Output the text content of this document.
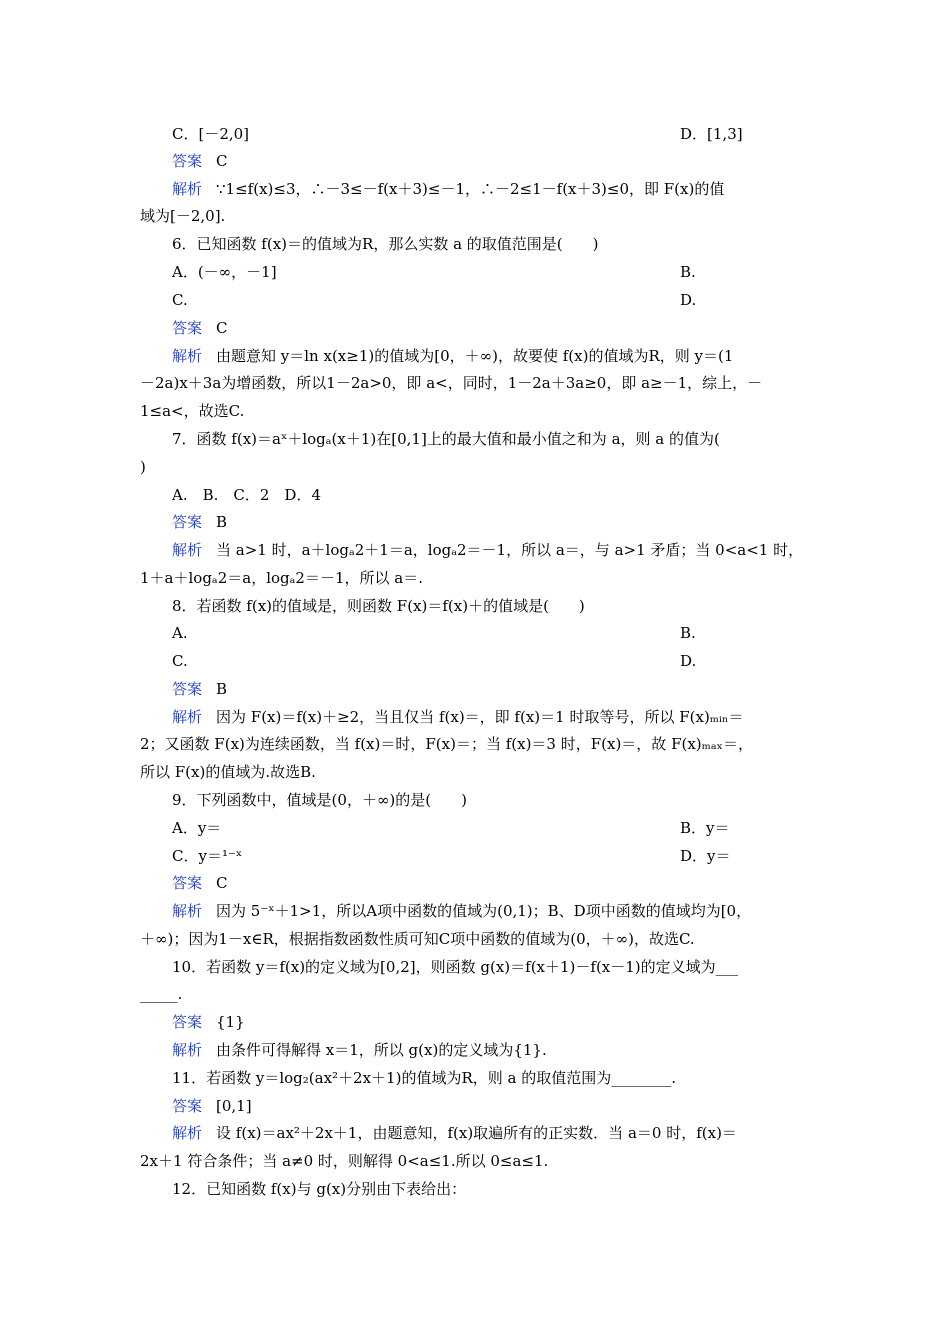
C．[－2,0]	D．[1,3]
答案 C
解析 ∵1≤f(x)≤3，∴－3≤－f(x＋3)≤－1，∴－2≤1－f(x＋3)≤0，即 F(x)的值
域为[－2,0].
6．已知函数 f(x)＝的值域为R，那么实数 a 的取值范围是(　　)
A．(－∞，－1]	B.
C.	D.
答案 C
解析 由题意知 y＝ln x(x≥1)的值域为[0，＋∞)，故要使 f(x)的值域为R，则 y＝(1
－2a)x＋3a为增函数，所以1－2a>0，即 a<，同时，1－2a＋3a≥0，即 a≥－1，综上，－
1≤a<，故选C.
7．函数 f(x)＝aˣ＋logₐ(x＋1)在[0,1]上的最大值和最小值之和为 a，则 a 的值为(
)
A.　B.　C．2　D．4
答案 B
解析 当 a>1 时，a＋logₐ2＋1＝a，logₐ2＝－1，所以 a＝，与 a>1 矛盾；当 0<a<1 时，
1＋a＋logₐ2＝a，logₐ2＝－1，所以 a＝.
8．若函数 f(x)的值域是，则函数 F(x)＝f(x)＋的值域是(　　)
A.	B.
C.	D.
答案 B
解析 因为 F(x)＝f(x)＋≥2，当且仅当 f(x)＝，即 f(x)＝1 时取等号，所以 F(x)ₘᵢₙ＝
2；又函数 F(x)为连续函数，当 f(x)＝时，F(x)＝；当 f(x)＝3 时，F(x)＝，故 F(x)ₘₐₓ＝，
所以 F(x)的值域为.故选B.
9．下列函数中，值域是(0，＋∞)的是(　　)
A．y＝	B．y＝
C．y＝¹⁻ˣ	D．y＝
答案 C
解析 因为 5⁻ˣ＋1>1，所以A项中函数的值域为(0,1)；B、D项中函数的值域均为[0，
＋∞)；因为1－x∈R，根据指数函数性质可知C项中函数的值域为(0，＋∞)，故选C.
10．若函数 y＝f(x)的定义域为[0,2]，则函数 g(x)＝f(x＋1)－f(x－1)的定义域为___
_____.
答案 {1}
解析 由条件可得解得 x＝1，所以 g(x)的定义域为{1}.
11．若函数 y＝log₂(ax²＋2x＋1)的值域为R，则 a 的取值范围为________.
答案 [0,1]
解析 设 f(x)＝ax²＋2x＋1，由题意知，f(x)取遍所有的正实数．当 a＝0 时，f(x)＝
2x＋1 符合条件；当 a≠0 时，则解得 0<a≤1.所以 0≤a≤1.
12．已知函数 f(x)与 g(x)分别由下表给出：
